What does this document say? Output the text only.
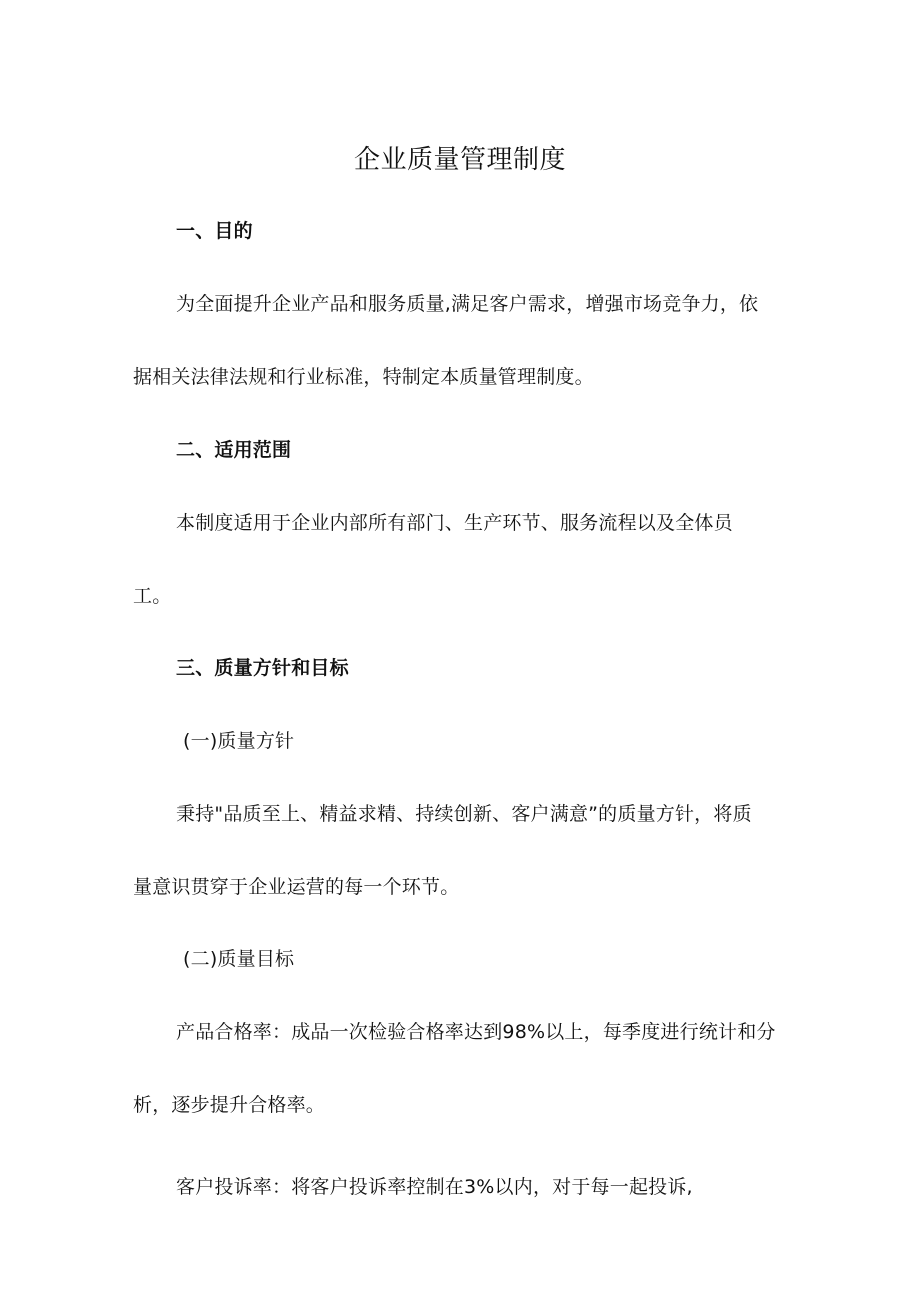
企业质量管理制度
一、目的
为全面提升企业产品和服务质量,满足客户需求，增强市场竞争力，依
据相关法律法规和行业标准，特制定本质量管理制度。
二、适用范围
本制度适用于企业内部所有部门、生产环节、服务流程以及全体员
工。
三、质量方针和目标
(一)质量方针
秉持"品质至上、精益求精、持续创新、客户满意”的质量方针，将质
量意识贯穿于企业运营的每一个环节。
(二)质量目标
产品合格率：成品一次检验合格率达到98%以上，每季度进行统计和分
析，逐步提升合格率。
客户投诉率：将客户投诉率控制在3%以内，对于每一起投诉,
